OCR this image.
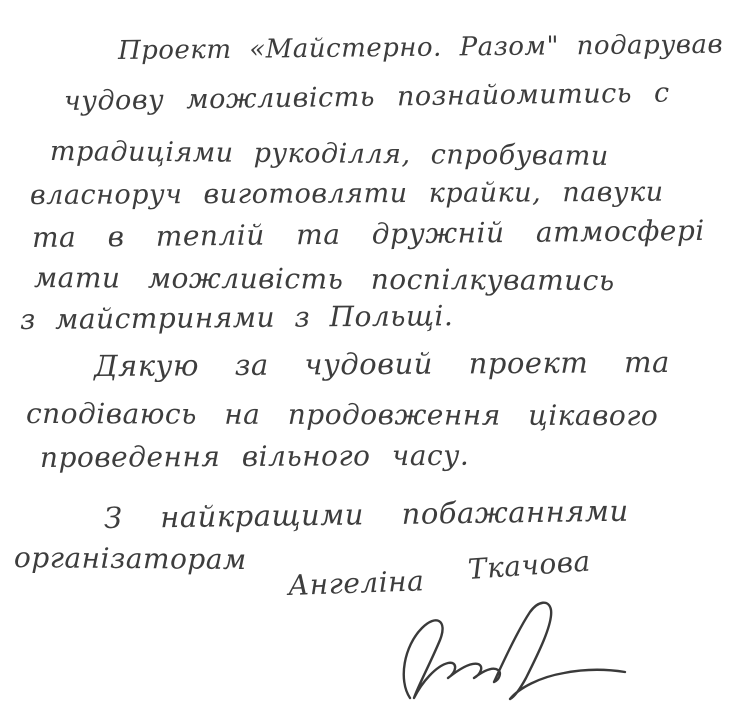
Проект «Майстерно. Разом" подарував
чудову можливість познайомитись с
традиціями рукоділля, спробувати
власноруч виготовляти крайки, павуки
та в теплій та дружній атмосфері
мати можливість поспілкуватись
з майстринями з Польщі.
Дякую за чудовий проект та
сподіваюсь на продовження цікавого
проведення вільного часу.
З найкращими побажаннями
організаторам
Ангеліна Ткачова
